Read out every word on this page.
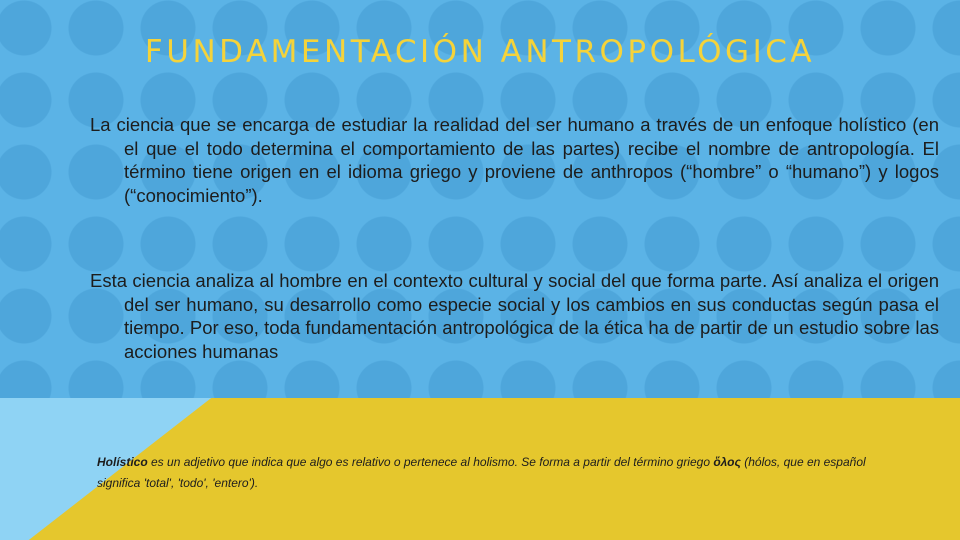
FUNDAMENTACIÓN ANTROPOLÓGICA

La ciencia que se encarga de estudiar la realidad del ser humano a través de un enfoque holístico (en el que el todo determina el comportamiento de las partes) recibe el nombre de antropología. El término tiene origen en el idioma griego y proviene de anthropos (“hombre” o “humano”) y logos (“conocimiento”).

Esta ciencia analiza al hombre en el contexto cultural y social del que forma parte. Así analiza el origen del ser humano, su desarrollo como especie social y los cambios en sus conductas según pasa el tiempo. Por eso, toda fundamentación antropológica de la ética ha de partir de un estudio sobre las acciones humanas

Holístico es un adjetivo que indica que algo es relativo o pertenece al holismo. Se forma a partir del término griego ὅλος (hólos, que en español significa 'total', 'todo', 'entero').
